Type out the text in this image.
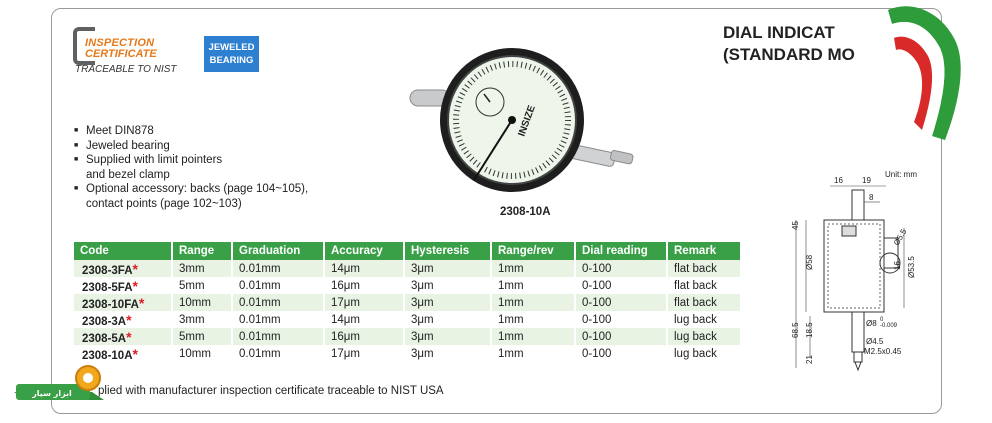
INSPECTION
CERTIFICATE
TRACEABLE TO NIST
JEWELED
BEARING
DIAL INDICAT
(STANDARD MO
INSIZE
■ Meet DIN878
■ Jeweled bearing
■ Supplied with limit pointers
and bezel clamp
■ Optional accessory: backs (page 104~105),
contact points (page 102~103)
2308-10A
Code	Range	Graduation	Accuracy	Hysteresis	Range/rev	Dial reading	Remark
2308-3FA*	3mm	0.01mm	14μm	3μm	1mm	0-100	flat back
2308-5FA*	5mm	0.01mm	16μm	3μm	1mm	0-100	flat back
2308-10FA*	10mm	0.01mm	17μm	3μm	1mm	0-100	flat back
2308-3A*	3mm	0.01mm	14μm	3μm	1mm	0-100	lug back
2308-5A*	5mm	0.01mm	16μm	3μm	1mm	0-100	lug back
2308-10A*	10mm	0.01mm	17μm	3μm	1mm	0-100	lug back
plied with manufacturer inspection certificate traceable to NIST USA
Unit: mm
16 19
8
45
Ø58
Ø5.5
16 Ø53.5
68.5 18.5	Ø8 0
-0.009
Ø4.5
21
M2.5x0.45
ابزار سیار
